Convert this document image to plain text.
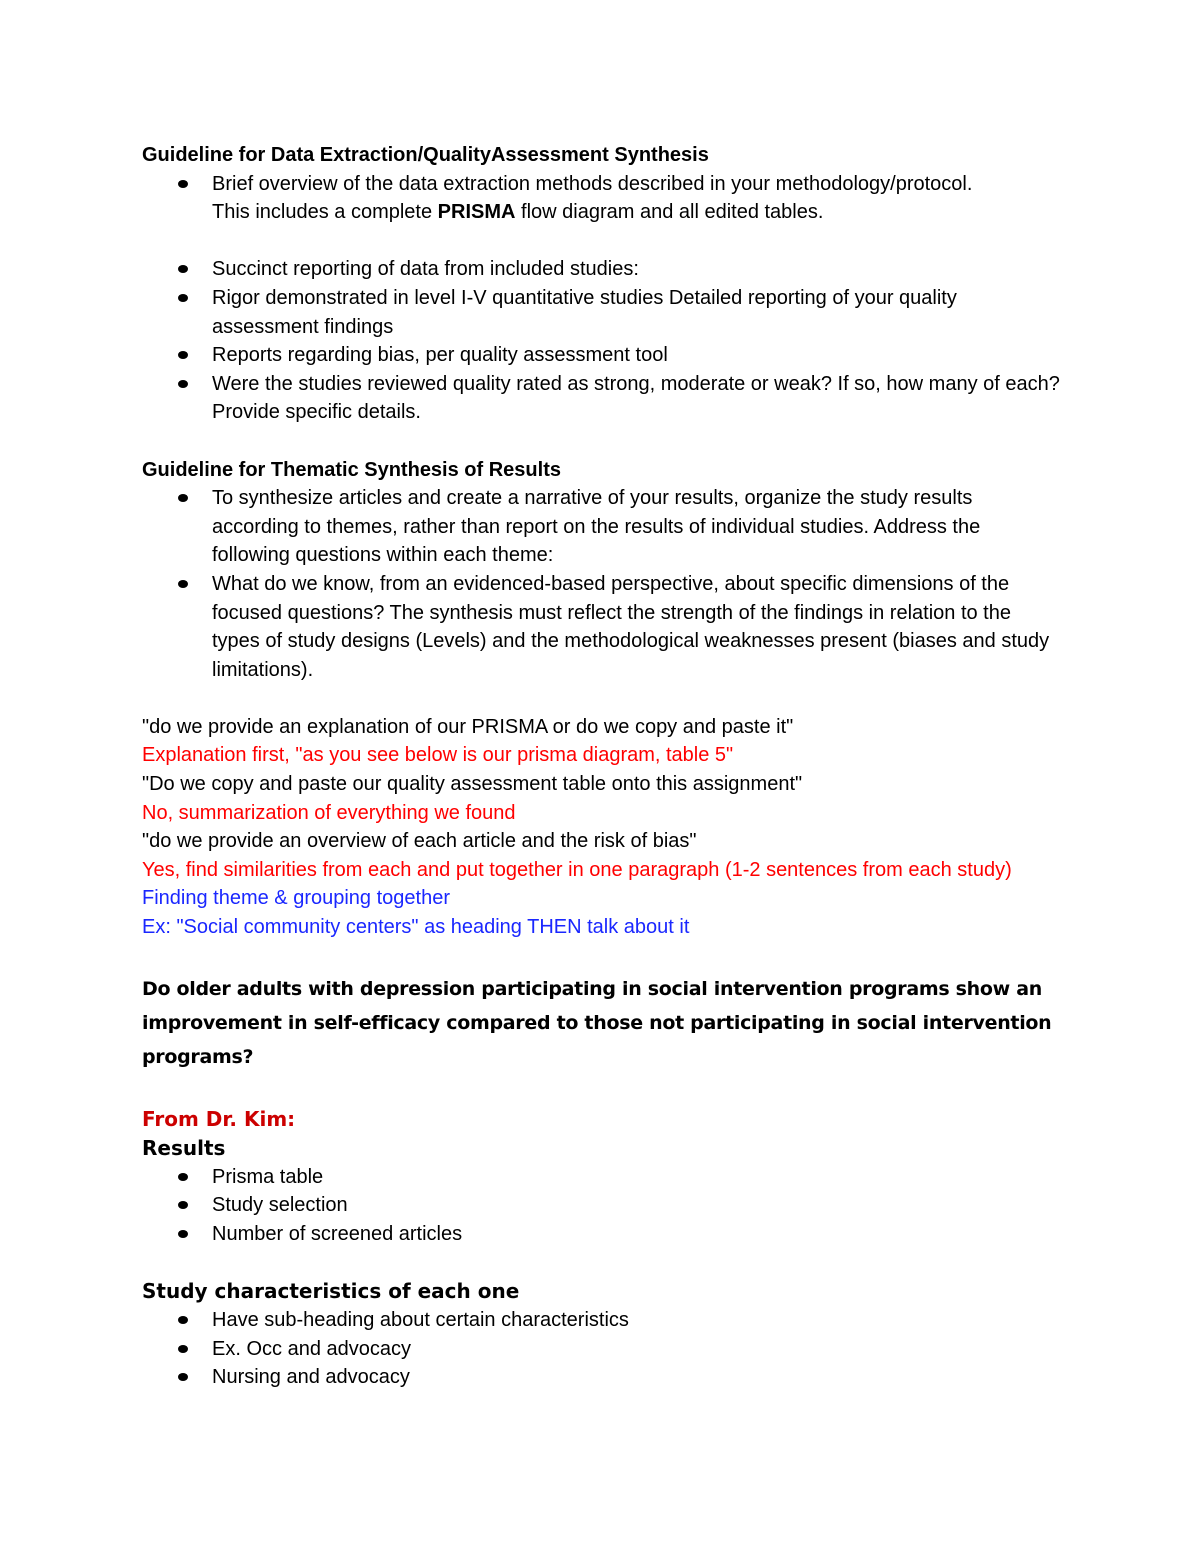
Guideline for Data Extraction/QualityAssessment Synthesis
Brief overview of the data extraction methods described in your methodology/protocol.
This includes a complete PRISMA flow diagram and all edited tables.
Succinct reporting of data from included studies:
Rigor demonstrated in level I-V quantitative studies Detailed reporting of your quality assessment findings
Reports regarding bias, per quality assessment tool
Were the studies reviewed quality rated as strong, moderate or weak? If so, how many of each? Provide specific details.
Guideline for Thematic Synthesis of Results
To synthesize articles and create a narrative of your results, organize the study results according to themes, rather than report on the results of individual studies. Address the following questions within each theme:
What do we know, from an evidenced-based perspective, about specific dimensions of the focused questions? The synthesis must reflect the strength of the findings in relation to the types of study designs (Levels) and the methodological weaknesses present (biases and study limitations).
"do we provide an explanation of our PRISMA or do we copy and paste it"
Explanation first, "as you see below is our prisma diagram, table 5"
"Do we copy and paste our quality assessment table onto this assignment"
No, summarization of everything we found
"do we provide an overview of each article and the risk of bias"
Yes, find similarities from each and put together in one paragraph (1-2 sentences from each study)
Finding theme & grouping together
Ex: "Social community centers" as heading THEN talk about it
Do older adults with depression participating in social intervention programs show an improvement in self-efficacy compared to those not participating in social intervention programs?
From Dr. Kim:
Results
Prisma table
Study selection
Number of screened articles
Study characteristics of each one
Have sub-heading about certain characteristics
Ex. Occ and advocacy
Nursing and advocacy
